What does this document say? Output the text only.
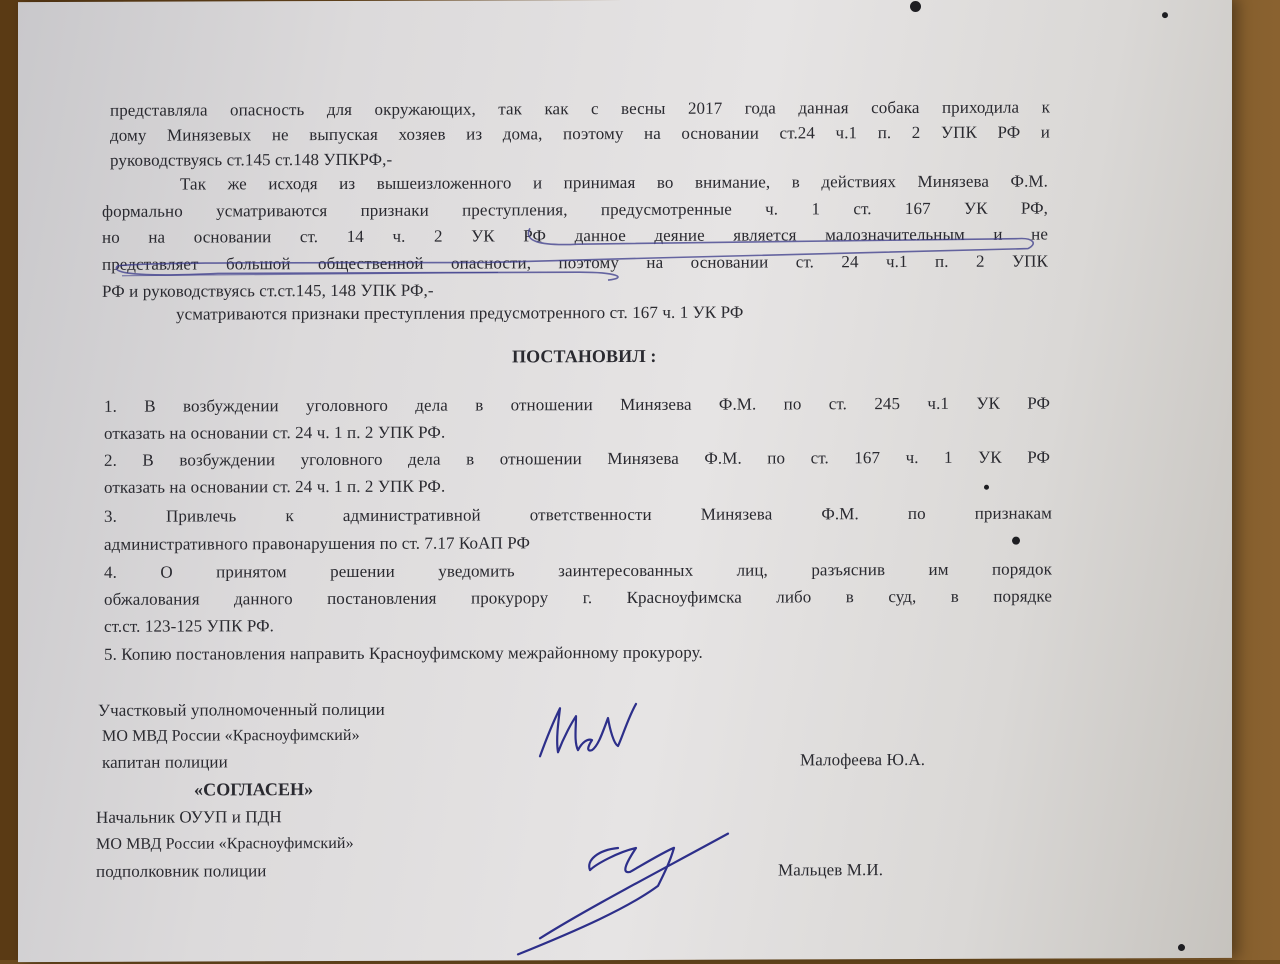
представляла опасность для окружающих, так как с весны 2017 года данная собака приходила к
дому Минязевых не выпуская хозяев из дома, поэтому на основании ст.24 ч.1 п. 2 УПК РФ и
руководствуясь ст.145 ст.148 УПКРФ,-
Так же исходя из вышеизложенного и принимая во внимание, в действиях Минязева Ф.М.
формально усматриваются признаки преступления, предусмотренные ч. 1 ст. 167 УК РФ,
но на основании ст. 14 ч. 2 УК РФ данное деяние является малозначительным и не
представляет большой общественной опасности, поэтому на основании ст. 24 ч.1 п. 2 УПК
РФ и руководствуясь ст.ст.145, 148 УПК РФ,-
усматриваются признаки преступления предусмотренного ст. 167 ч. 1 УК РФ
ПОСТАНОВИЛ :
1. В возбуждении уголовного дела в отношении Минязева Ф.М. по ст. 245 ч.1 УК РФ
отказать на основании ст. 24 ч. 1 п. 2 УПК РФ.
2. В возбуждении уголовного дела в отношении Минязева Ф.М. по ст. 167 ч. 1 УК РФ
отказать на основании ст. 24 ч. 1 п. 2 УПК РФ.
3. Привлечь к административной ответственности Минязева Ф.М. по признакам
административного правонарушения по ст. 7.17 КоАП РФ
4. О принятом решении уведомить заинтересованных лиц, разъяснив им порядок
обжалования данного постановления прокурору г. Красноуфимска либо в суд, в порядке
ст.ст. 123-125 УПК РФ.
5. Копию постановления направить Красноуфимскому межрайонному прокурору.
Участковый уполномоченный полиции
МО МВД России «Красноуфимский»
капитан полиции	Малофеева Ю.А.
«СОГЛАСЕН»
Начальник ОУУП и ПДН
МО МВД России «Красноуфимский»
подполковник полиции	Мальцев М.И.
